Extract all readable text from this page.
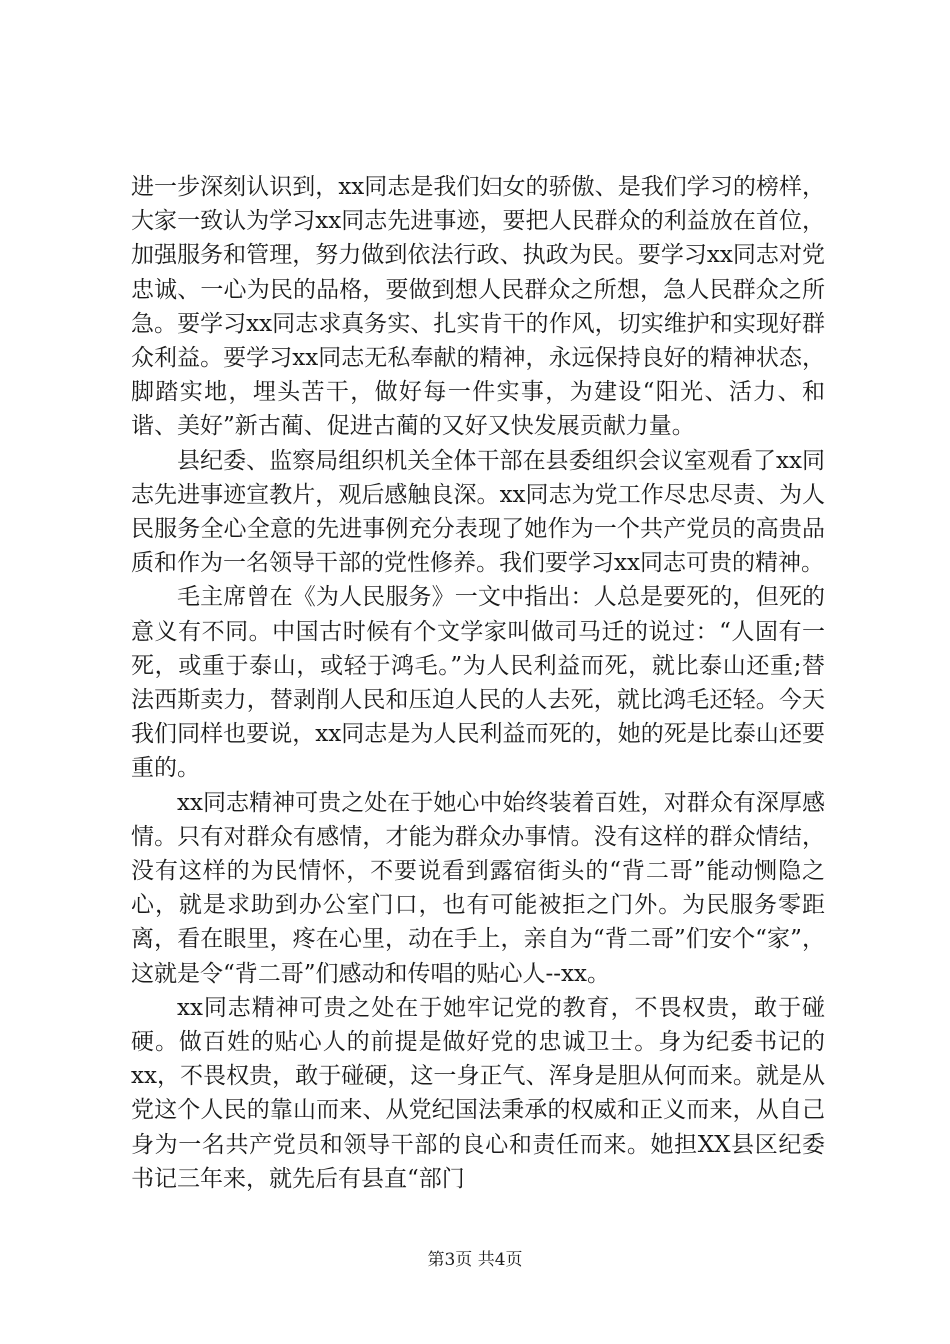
进一步深刻认识到，xx同志是我们妇女的骄傲、是我们学习的榜样，大家一致认为学习xx同志先进事迹，要把人民群众的利益放在首位，加强服务和管理，努力做到依法行政、执政为民。要学习xx同志对党忠诚、一心为民的品格，要做到想人民群众之所想，急人民群众之所急。要学习xx同志求真务实、扎实肯干的作风，切实维护和实现好群众利益。要学习xx同志无私奉献的精神，永远保持良好的精神状态，脚踏实地，埋头苦干，做好每一件实事，为建设“阳光、活力、和谐、美好”新古蔺、促进古蔺的又好又快发展贡献力量。

县纪委、监察局组织机关全体干部在县委组织会议室观看了xx同志先进事迹宣教片，观后感触良深。xx同志为党工作尽忠尽责、为人民服务全心全意的先进事例充分表现了她作为一个共产党员的高贵品质和作为一名领导干部的党性修养。我们要学习xx同志可贵的精神。

毛主席曾在《为人民服务》一文中指出：人总是要死的，但死的意义有不同。中国古时候有个文学家叫做司马迁的说过：“人固有一死，或重于泰山，或轻于鸿毛。”为人民利益而死，就比泰山还重;替法西斯卖力，替剥削人民和压迫人民的人去死，就比鸿毛还轻。今天我们同样也要说，xx同志是为人民利益而死的，她的死是比泰山还要重的。

xx同志精神可贵之处在于她心中始终装着百姓，对群众有深厚感情。只有对群众有感情，才能为群众办事情。没有这样的群众情结，没有这样的为民情怀，不要说看到露宿街头的“背二哥”能动恻隐之心，就是求助到办公室门口，也有可能被拒之门外。为民服务零距离，看在眼里，疼在心里，动在手上，亲自为“背二哥”们安个“家”，这就是令“背二哥”们感动和传唱的贴心人--xx。

xx同志精神可贵之处在于她牢记党的教育，不畏权贵，敢于碰硬。做百姓的贴心人的前提是做好党的忠诚卫士。身为纪委书记的xx，不畏权贵，敢于碰硬，这一身正气、浑身是胆从何而来。就是从党这个人民的靠山而来、从党纪国法秉承的权威和正义而来，从自己身为一名共产党员和领导干部的良心和责任而来。她担XX县区纪委书记三年来，就先后有县直“部门

第3页 共4页
